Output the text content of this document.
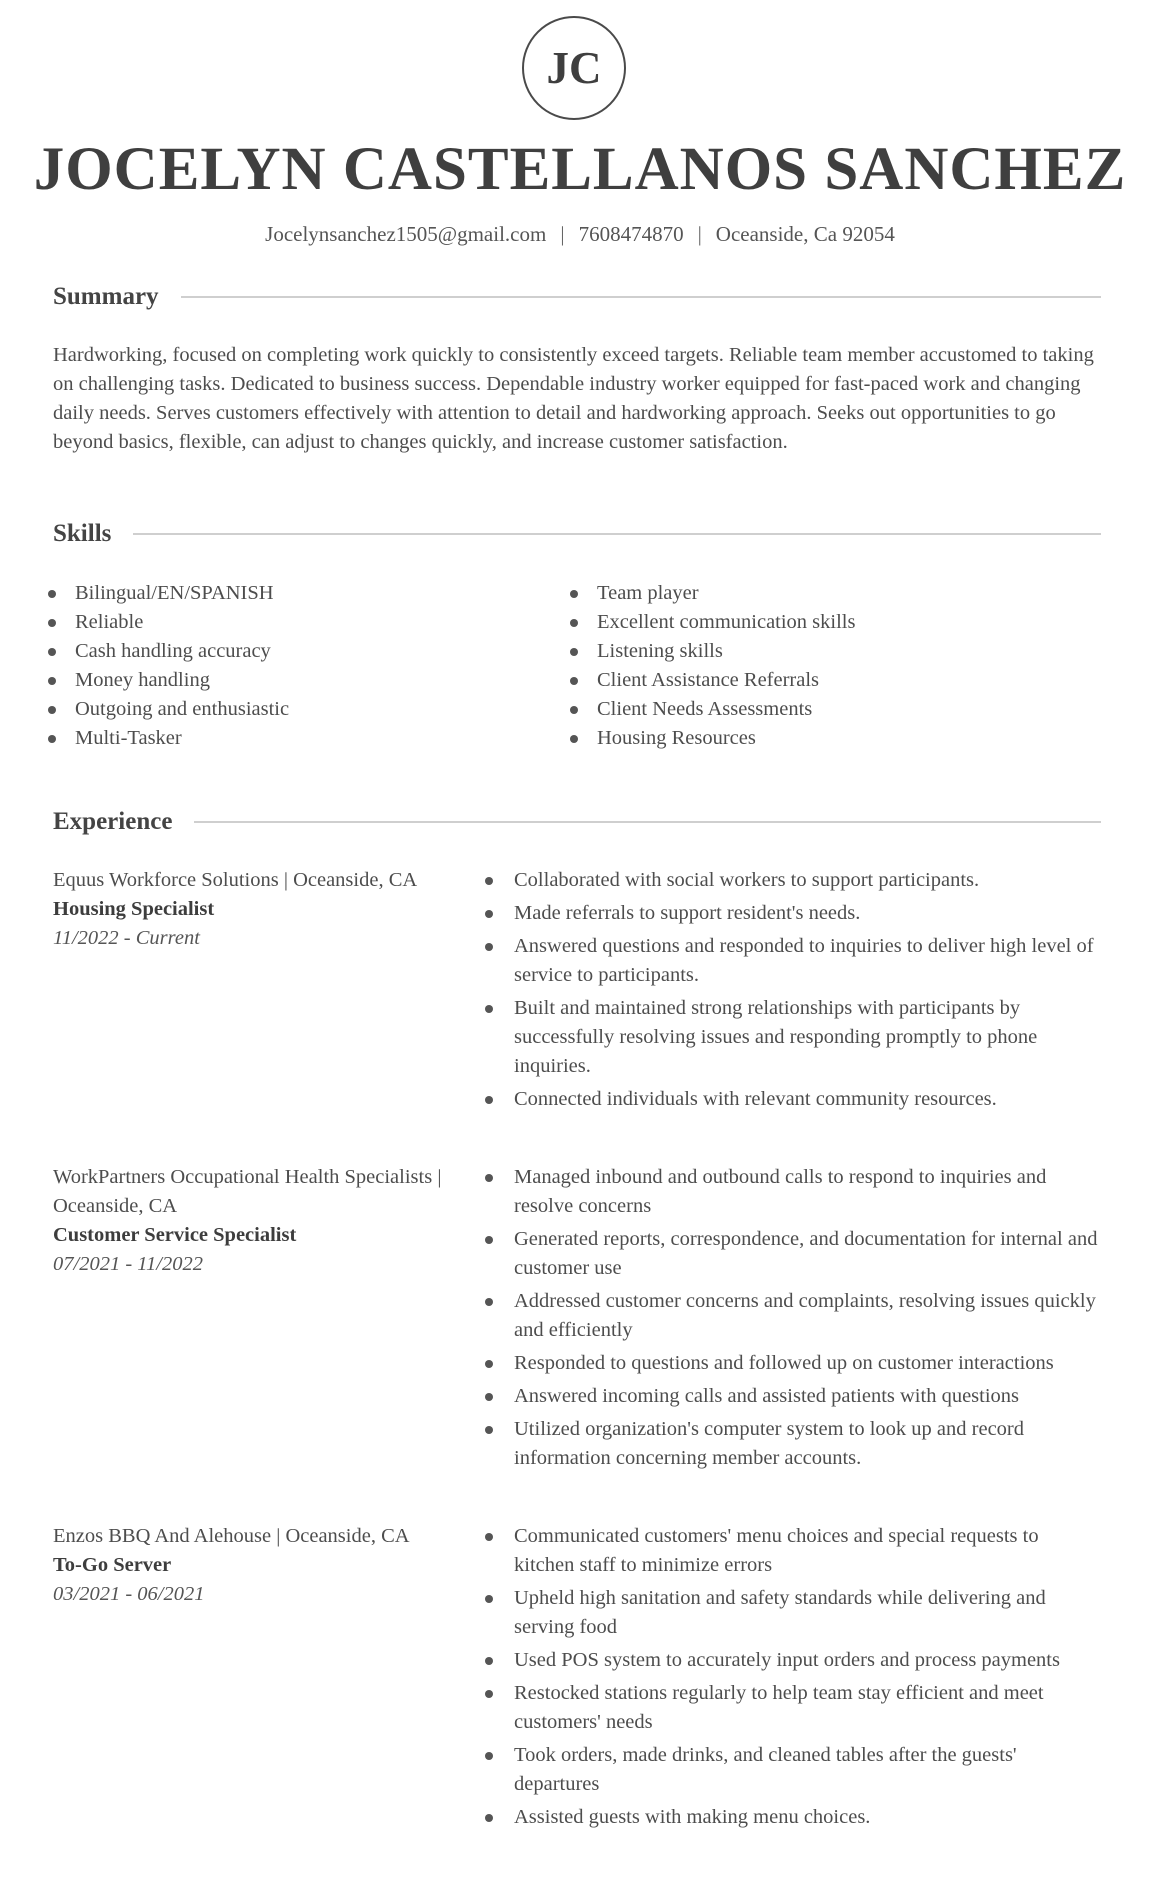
JC
JOCELYN CASTELLANOS SANCHEZ
Jocelynsanchez1505@gmail.com | 7608474870 | Oceanside, Ca 92054
Summary
Hardworking, focused on completing work quickly to consistently exceed targets. Reliable team member accustomed to taking on challenging tasks. Dedicated to business success. Dependable industry worker equipped for fast-paced work and changing daily needs. Serves customers effectively with attention to detail and hardworking approach. Seeks out opportunities to go beyond basics, flexible, can adjust to changes quickly, and increase customer satisfaction.
Skills
Bilingual/EN/SPANISH
Reliable
Cash handling accuracy
Money handling
Outgoing and enthusiastic
Multi-Tasker
Team player
Excellent communication skills
Listening skills
Client Assistance Referrals
Client Needs Assessments
Housing Resources
Experience
Equus Workforce Solutions | Oceanside, CA
Housing Specialist
11/2022 - Current
Collaborated with social workers to support participants.
Made referrals to support resident's needs.
Answered questions and responded to inquiries to deliver high level of service to participants.
Built and maintained strong relationships with participants by successfully resolving issues and responding promptly to phone inquiries.
Connected individuals with relevant community resources.
WorkPartners Occupational Health Specialists | Oceanside, CA
Customer Service Specialist
07/2021 - 11/2022
Managed inbound and outbound calls to respond to inquiries and resolve concerns
Generated reports, correspondence, and documentation for internal and customer use
Addressed customer concerns and complaints, resolving issues quickly and efficiently
Responded to questions and followed up on customer interactions
Answered incoming calls and assisted patients with questions
Utilized organization's computer system to look up and record information concerning member accounts.
Enzos BBQ And Alehouse | Oceanside, CA
To-Go Server
03/2021 - 06/2021
Communicated customers' menu choices and special requests to kitchen staff to minimize errors
Upheld high sanitation and safety standards while delivering and serving food
Used POS system to accurately input orders and process payments
Restocked stations regularly to help team stay efficient and meet customers' needs
Took orders, made drinks, and cleaned tables after the guests' departures
Assisted guests with making menu choices.
